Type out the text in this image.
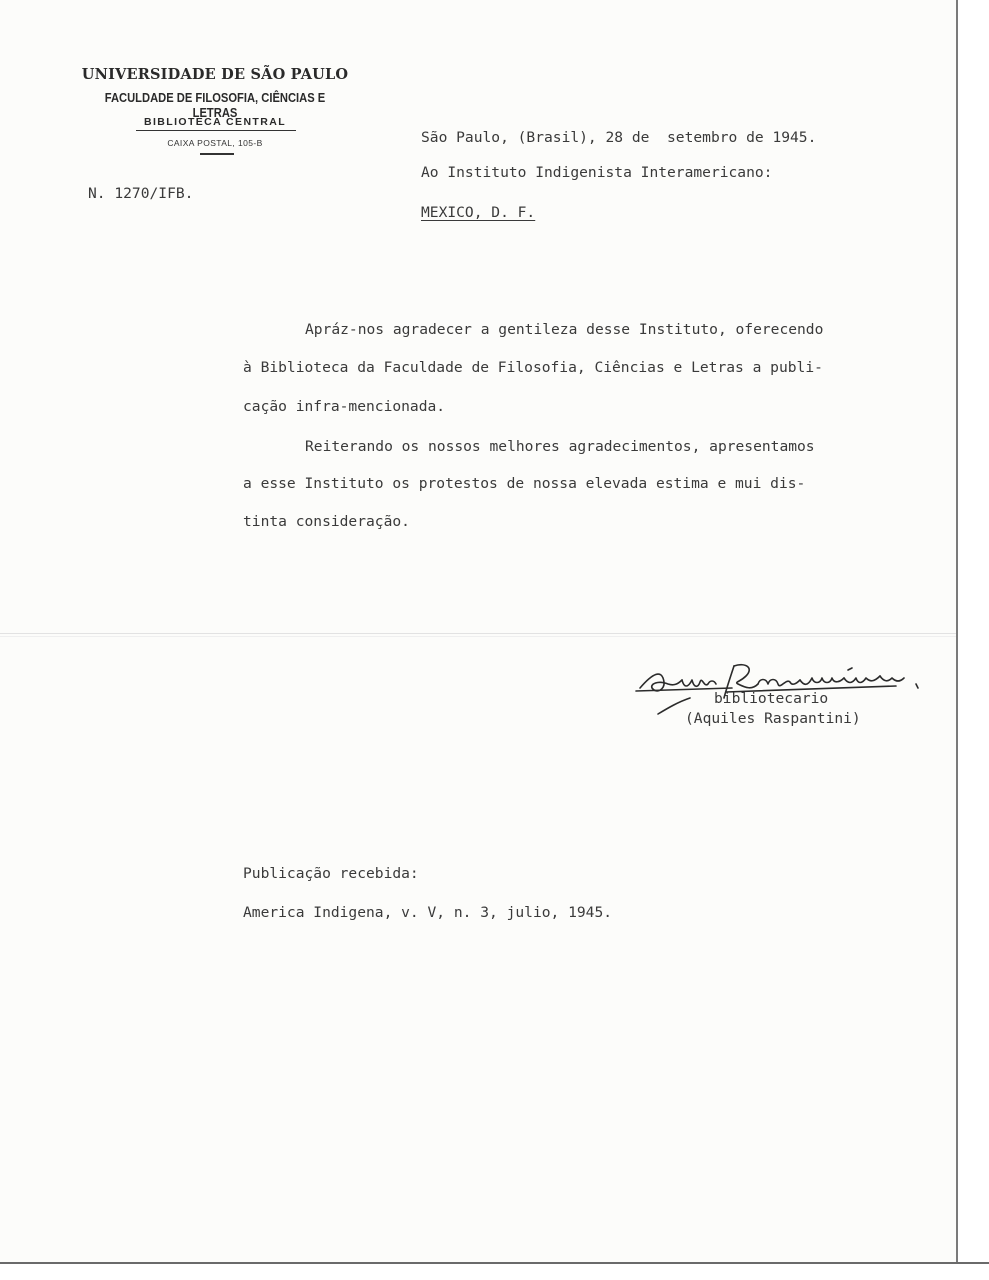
UNIVERSIDADE DE SÃO PAULO
FACULDADE DE FILOSOFIA, CIÊNCIAS E LETRAS
BIBLIOTECA CENTRAL
CAIXA POSTAL, 105-B
N. 1270/IFB.
São Paulo, (Brasil), 28 de  setembro de 1945.
Ao Instituto Indigenista Interamericano:
MEXICO, D. F.
Apráz-nos agradecer a gentileza desse Instituto, oferecendo
à Biblioteca da Faculdade de Filosofia, Ciências e Letras a publi-
cação infra-mencionada.
Reiterando os nossos melhores agradecimentos, apresentamos
a esse Instituto os protestos de nossa elevada estima e mui dis-
tinta consideração.
bibliotecario
(Aquiles Raspantini)
Publicação recebida:
America Indigena, v. V, n. 3, julio, 1945.
